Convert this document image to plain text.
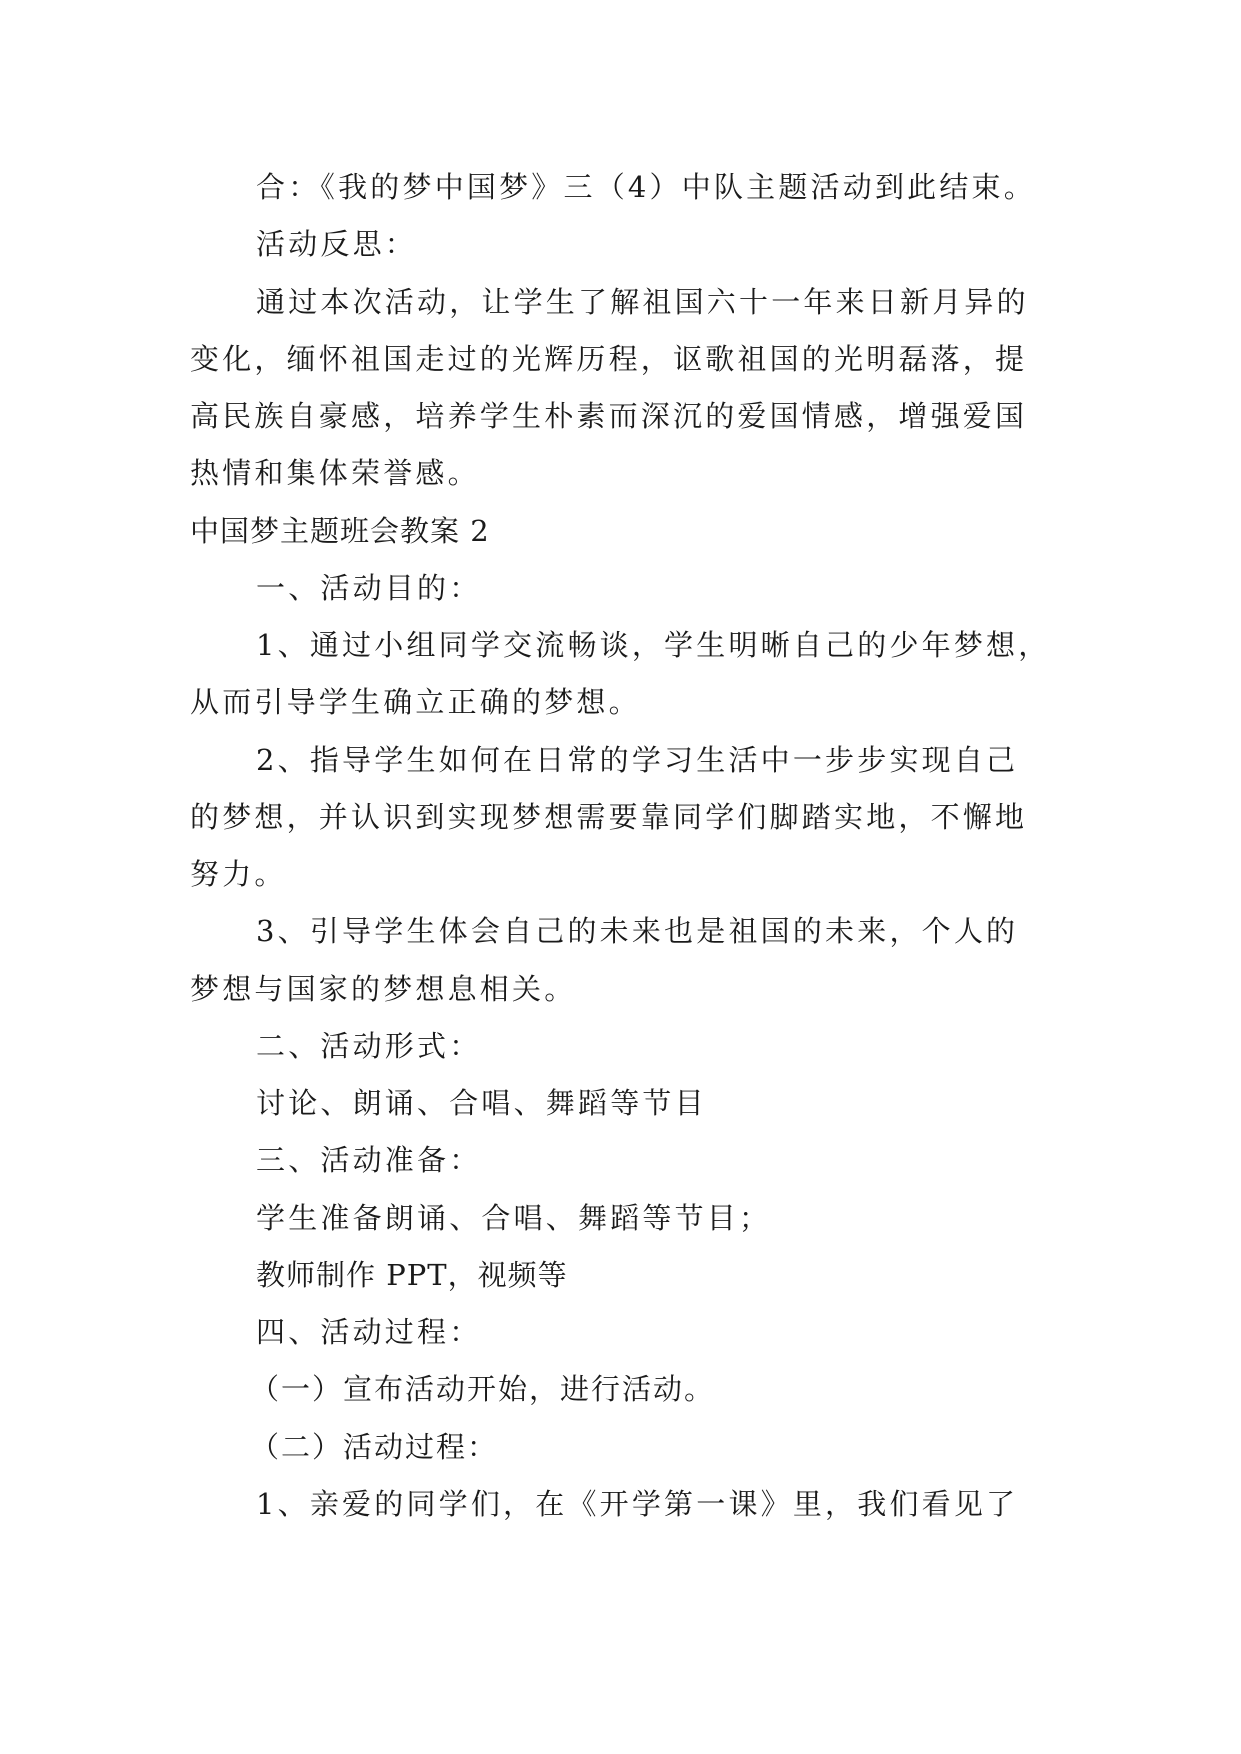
合：《我的梦中国梦》三（4）中队主题活动到此结束。
活动反思：
通过本次活动，让学生了解祖国六十一年来日新月异的
变化，缅怀祖国走过的光辉历程，讴歌祖国的光明磊落，提
高民族自豪感，培养学生朴素而深沉的爱国情感，增强爱国
热情和集体荣誉感。
中国梦主题班会教案 2
一、活动目的：
1、通过小组同学交流畅谈，学生明晰自己的少年梦想，
从而引导学生确立正确的梦想。
2、指导学生如何在日常的学习生活中一步步实现自己
的梦想，并认识到实现梦想需要靠同学们脚踏实地，不懈地
努力。
3、引导学生体会自己的未来也是祖国的未来，个人的
梦想与国家的梦想息相关。
二、活动形式：
讨论、朗诵、合唱、舞蹈等节目
三、活动准备：
学生准备朗诵、合唱、舞蹈等节目；
教师制作 PPT，视频等
四、活动过程：
（一）宣布活动开始，进行活动。
（二）活动过程：
1、亲爱的同学们，在《开学第一课》里，我们看见了
